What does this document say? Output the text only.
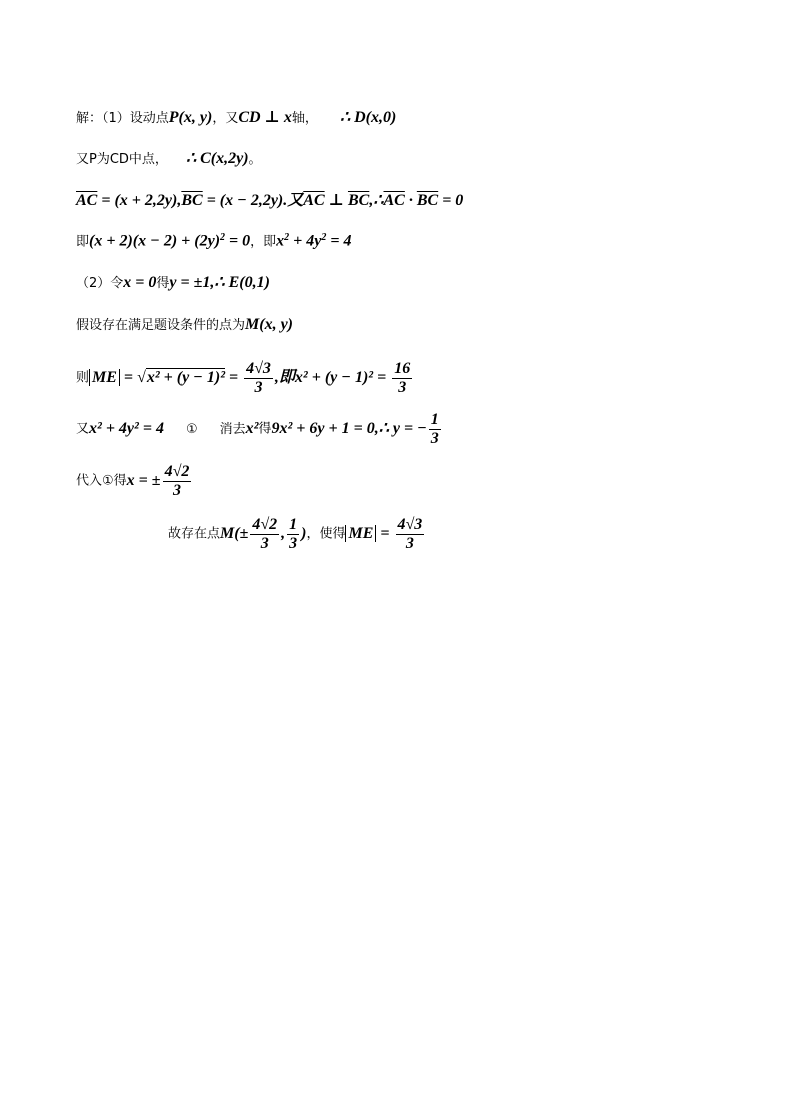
解：（1）设动点P(x, y)，又CD ⊥ x轴， ∴ D(x,0)
又P为CD中点， ∴ C(x,2y)。
$\overline{AC} = (x + 2,2y),\overline{BC} = (x - 2,2y)$.又$\overline{AC}$ ⊥ $\overline{BC},\therefore\overline{AC} \cdot \overline{BC} = 0$
即$(x + 2)(x - 2) + (2y)^2 = 0$，即$x^2 + 4y^2 = 4$
（2）令x = 0得y = ±1,∴ E(0,1)
假设存在满足题设条件的点为M(x, y)
则 ME = $√x^2 + (y - 1)^2 = \frac{4√3}{3}$ ,即$x^2 + (y - 1)^2 = \frac{16}{3}$
又x² + 4y² = 4 ① 消去x²得9x² + 6y + 1 = 0,∴ y = − $\frac{1}{3}$
代入①得x = ± $\frac{4√2}{3}$
故存在点$M(\pm \frac{4√2}{3}$ , $\frac{1}{3}$ )，使得 ME = $\frac{4√3}{3}$
